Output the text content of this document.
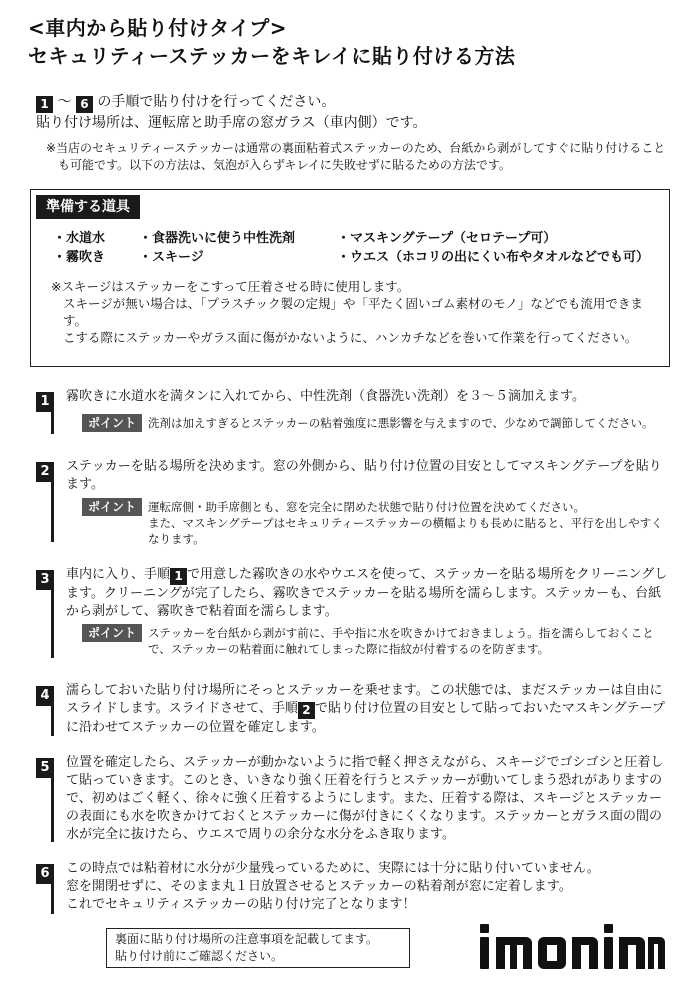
<車内から貼り付けタイプ>
セキュリティーステッカーをキレイに貼り付ける方法
1 ～ 6 の手順で貼り付けを行ってください。
貼り付け場所は、運転席と助手席の窓ガラス（車内側）です。
※当店のセキュリティーステッカーは通常の裏面粘着式ステッカーのため、台紙から剥がしてすぐに貼り付けることも可能です。以下の方法は、気泡が入らずキレイに失敗せずに貼るための方法です。
準備する道具
・水道水	・食器洗いに使う中性洗剤	・マスキングテープ（セロテープ可）
・霧吹き	・スキージ	・ウエス（ホコリの出にくい布やタオルなどでも可）

※スキージはステッカーをこすって圧着させる時に使用します。

スキージが無い場合は、「プラスチック製の定規」や「平たく固いゴム素材のモノ」などでも流用できます。

こする際にステッカーやガラス面に傷がかないように、ハンカチなどを巻いて作業を行ってください。

1	霧吹きに水道水を満タンに入れてから、中性洗剤（食器洗い洗剤）を３～５滴加えます。
ポイント	洗剤は加えすぎるとステッカーの粘着強度に悪影響を与えますので、少なめで調節してください。
2	ステッカーを貼る場所を決めます。窓の外側から、貼り付け位置の目安としてマスキングテープを貼ります。
ポイント	運転席側・助手席側とも、窓を完全に閉めた状態で貼り付け位置を決めてください。
また、マスキングテープはセキュリティーステッカーの横幅よりも長めに貼ると、平行を出しやすくなります。
3	車内に入り、手順 1 で用意した霧吹きの水やウエスを使って、ステッカーを貼る場所をクリーニングします。クリーニングが完了したら、霧吹きでステッカーを貼る場所を濡らします。ステッカーも、台紙から剥がして、霧吹きで粘着面を濡らします。
ポイント	ステッカーを台紙から剥がす前に、手や指に水を吹きかけておきましょう。指を濡らしておくことで、ステッカーの粘着面に触れてしまった際に指紋が付着するのを防ぎます。
4	濡らしておいた貼り付け場所にそっとステッカーを乗せます。この状態では、まだステッカーは自由にスライドします。スライドさせて、手順 2 で貼り付け位置の目安として貼っておいたマスキングテープに沿わせてステッカーの位置を確定します。
5	位置を確定したら、ステッカーが動かないように指で軽く押さえながら、スキージでゴシゴシと圧着して貼っていきます。このとき、いきなり強く圧着を行うとステッカーが動いてしまう恐れがありますので、初めはごく軽く、徐々に強く圧着するようにします。また、圧着する際は、スキージとステッカーの表面にも水を吹きかけておくとステッカーに傷が付きにくくなります。ステッカーとガラス面の間の水が完全に抜けたら、ウエスで周りの余分な水分をふき取ります。
6	この時点では粘着材に水分が少量残っているために、実際には十分に貼り付いていません。
窓を開閉せずに、そのまま丸１日放置させるとステッカーの粘着剤が窓に定着します。
これでセキュリティステッカーの貼り付け完了となります！
裏面に貼り付け場所の注意事項を記載してます。
貼り付け前にご確認ください。
